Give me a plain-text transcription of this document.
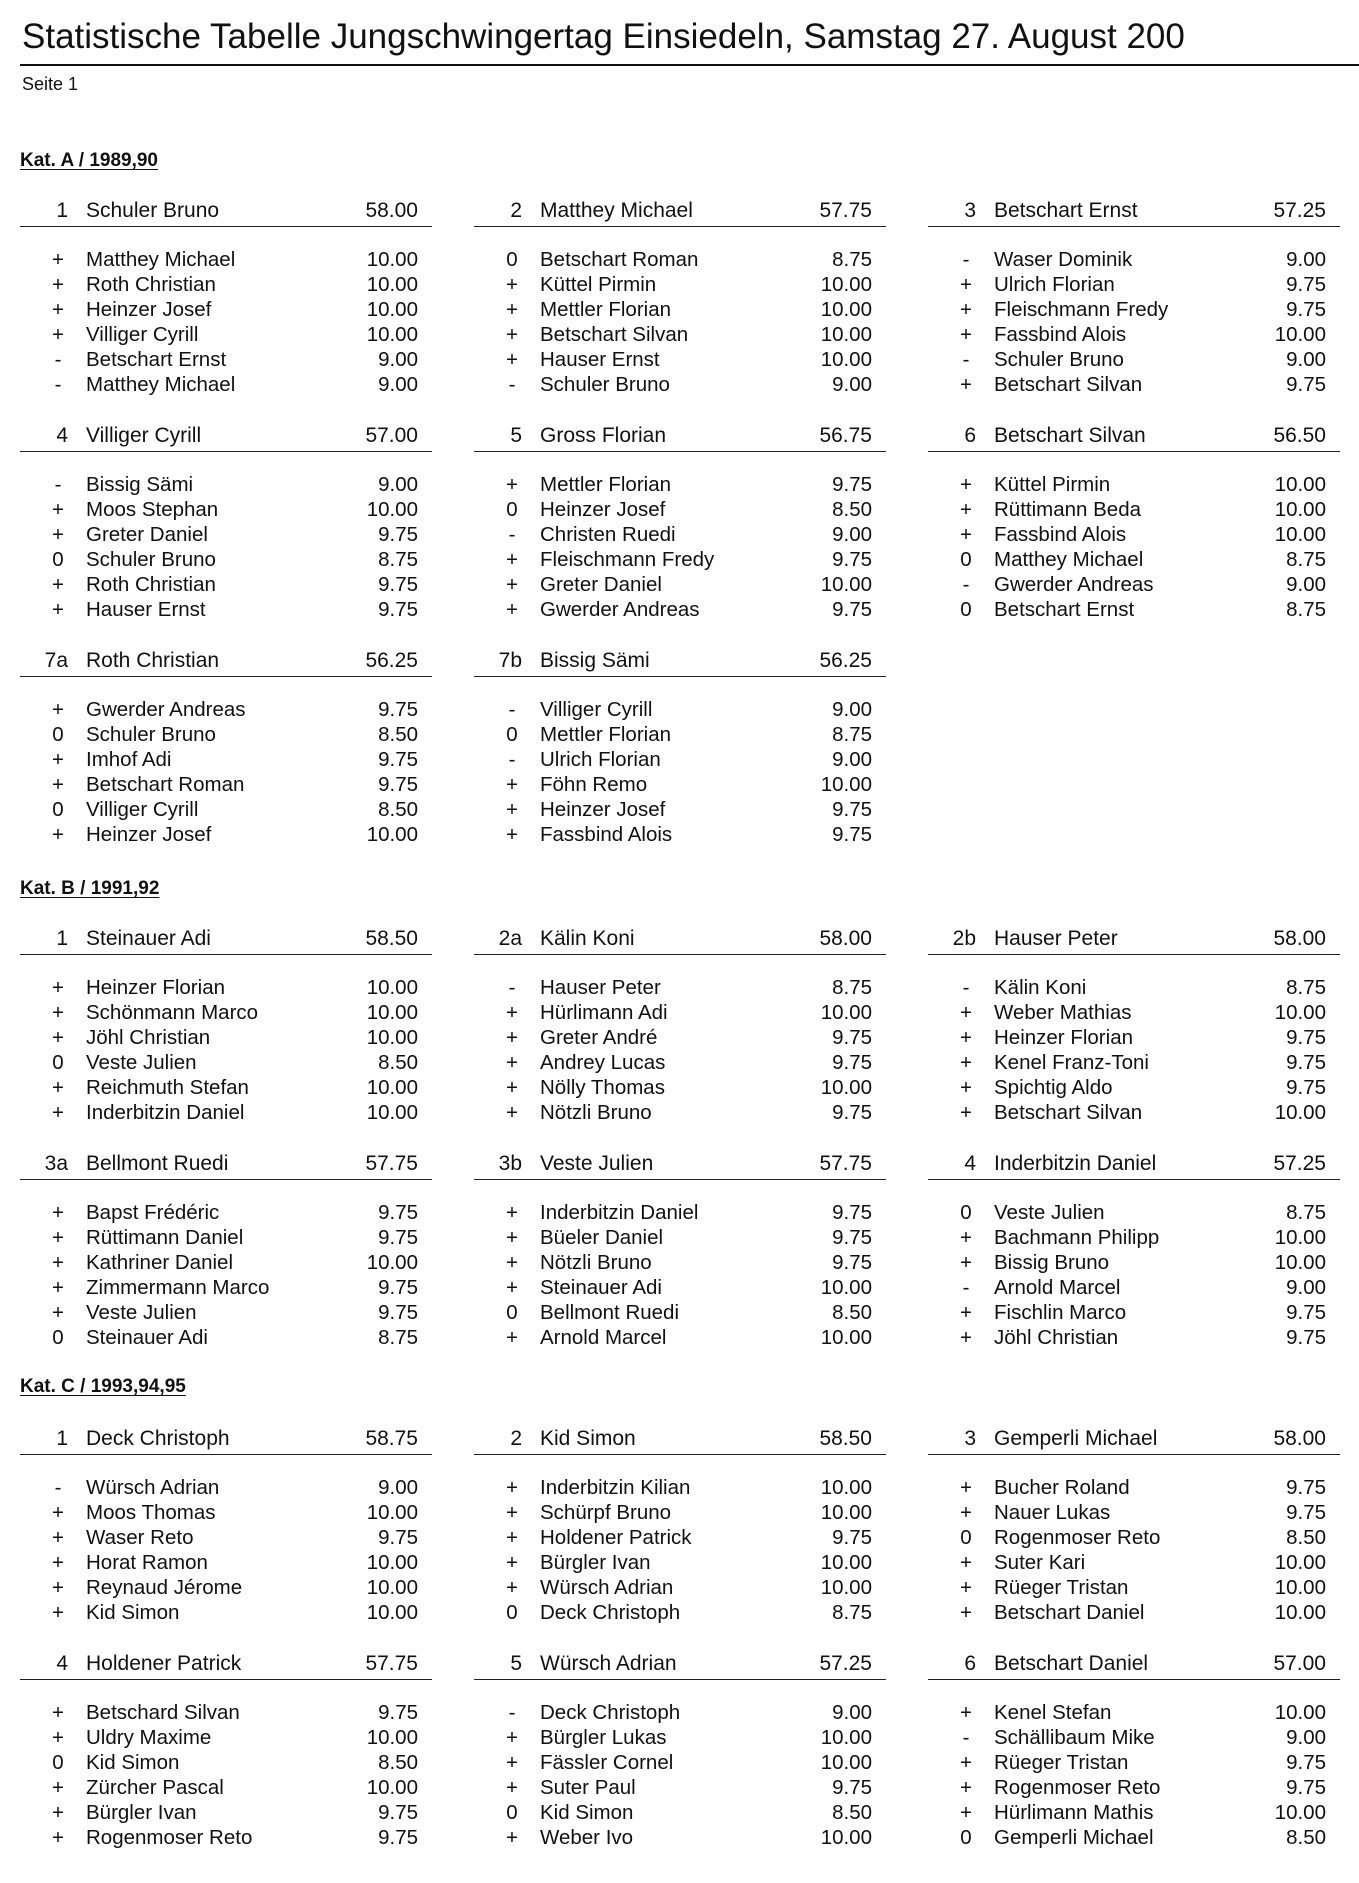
Statistische Tabelle Jungschwingertag Einsiedeln, Samstag 27. August 200
Seite 1
Kat. A / 1989,90
1 Schuler Bruno	58.00
+ Matthey Michael	10.00
+ Roth Christian	10.00
+ Heinzer Josef	10.00
+ Villiger Cyrill	10.00
-	Betschart Ernst	9.00
-	Matthey Michael	9.00
2 Matthey Michael	57.75
0 Betschart Roman	8.75
+ Küttel Pirmin	10.00
+ Mettler Florian	10.00
+ Betschart Silvan	10.00
+ Hauser Ernst	10.00
-	Schuler Bruno	9.00
3 Betschart Ernst	57.25
-	Waser Dominik	9.00
+ Ulrich Florian	9.75
+ Fleischmann Fredy	9.75
+ Fassbind Alois	10.00
-	Schuler Bruno	9.00
+ Betschart Silvan	9.75
4 Villiger Cyrill	57.00
-	Bissig Sämi	9.00
+ Moos Stephan	10.00
+ Greter Daniel	9.75
0 Schuler Bruno	8.75
+ Roth Christian	9.75
+ Hauser Ernst	9.75
5 Gross Florian	56.75
+ Mettler Florian	9.75
0 Heinzer Josef	8.50
-	Christen Ruedi	9.00
+ Fleischmann Fredy	9.75
+ Greter Daniel	10.00
+ Gwerder Andreas	9.75
6 Betschart Silvan	56.50
+ Küttel Pirmin	10.00
+ Rüttimann Beda	10.00
+ Fassbind Alois	10.00
0 Matthey Michael	8.75
-	Gwerder Andreas	9.00
0 Betschart Ernst	8.75
7a Roth Christian	56.25
+ Gwerder Andreas	9.75
0 Schuler Bruno	8.50
+ Imhof Adi	9.75
+ Betschart Roman	9.75
0 Villiger Cyrill	8.50
+ Heinzer Josef	10.00
7b Bissig Sämi	56.25
-	Villiger Cyrill	9.00
0 Mettler Florian	8.75
-	Ulrich Florian	9.00
+ Föhn Remo	10.00
+ Heinzer Josef	9.75
+ Fassbind Alois	9.75
Kat. B / 1991,92
1 Steinauer Adi	58.50
+ Heinzer Florian	10.00
+ Schönmann Marco	10.00
+ Jöhl Christian	10.00
0 Veste Julien	8.50
+ Reichmuth Stefan	10.00
+ Inderbitzin Daniel	10.00
2a Kälin Koni	58.00
-	Hauser Peter	8.75
+ Hürlimann Adi	10.00
+ Greter André	9.75
+ Andrey Lucas	9.75
+ Nölly Thomas	10.00
+ Nötzli Bruno	9.75
2b Hauser Peter	58.00
-	Kälin Koni	8.75
+ Weber Mathias	10.00
+ Heinzer Florian	9.75
+ Kenel Franz-Toni	9.75
+ Spichtig Aldo	9.75
+ Betschart Silvan	10.00
3a Bellmont Ruedi	57.75
+ Bapst Frédéric	9.75
+ Rüttimann Daniel	9.75
+ Kathriner Daniel	10.00
+ Zimmermann Marco	9.75
+ Veste Julien	9.75
0 Steinauer Adi	8.75
3b Veste Julien	57.75
+ Inderbitzin Daniel	9.75
+ Büeler Daniel	9.75
+ Nötzli Bruno	9.75
+ Steinauer Adi	10.00
0 Bellmont Ruedi	8.50
+ Arnold Marcel	10.00
4 Inderbitzin Daniel	57.25
0 Veste Julien	8.75
+ Bachmann Philipp	10.00
+ Bissig Bruno	10.00
-	Arnold Marcel	9.00
+ Fischlin Marco	9.75
+ Jöhl Christian	9.75
Kat. C / 1993,94,95
1 Deck Christoph	58.75
-	Würsch Adrian	9.00
+ Moos Thomas	10.00
+ Waser Reto	9.75
+ Horat Ramon	10.00
+ Reynaud Jérome	10.00
+ Kid Simon	10.00
2 Kid Simon	58.50
+ Inderbitzin Kilian	10.00
+ Schürpf Bruno	10.00
+ Holdener Patrick	9.75
+ Bürgler Ivan	10.00
+ Würsch Adrian	10.00
0 Deck Christoph	8.75
3 Gemperli Michael	58.00
+ Bucher Roland	9.75
+ Nauer Lukas	9.75
0 Rogenmoser Reto	8.50
+ Suter Kari	10.00
+ Rüeger Tristan	10.00
+ Betschart Daniel	10.00
4 Holdener Patrick	57.75
+ Betschard Silvan	9.75
+ Uldry Maxime	10.00
0 Kid Simon	8.50
+ Zürcher Pascal	10.00
+ Bürgler Ivan	9.75
+ Rogenmoser Reto	9.75
5 Würsch Adrian	57.25
-	Deck Christoph	9.00
+ Bürgler Lukas	10.00
+ Fässler Cornel	10.00
+ Suter Paul	9.75
0 Kid Simon	8.50
+ Weber Ivo	10.00
6 Betschart Daniel	57.00
+ Kenel Stefan	10.00
-	Schällibaum Mike	9.00
+ Rüeger Tristan	9.75
+ Rogenmoser Reto	9.75
+ Hürlimann Mathis	10.00
0 Gemperli Michael	8.50
